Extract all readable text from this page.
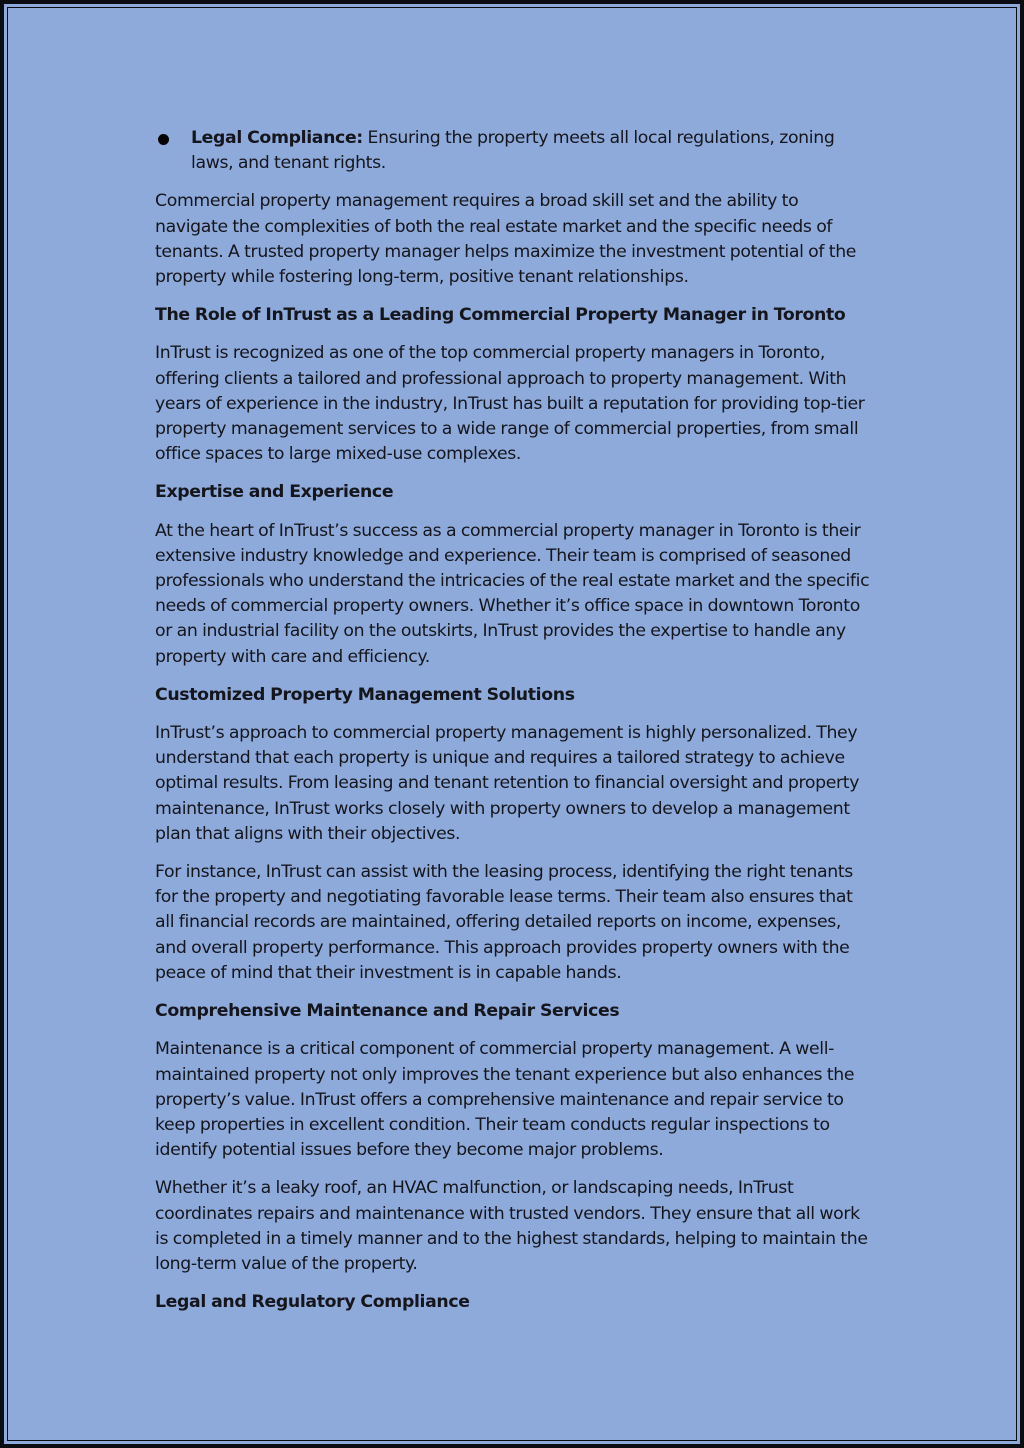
Legal Compliance: Ensuring the property meets all local regulations, zoning laws, and tenant rights.

Commercial property management requires a broad skill set and the ability to navigate the complexities of both the real estate market and the specific needs of tenants. A trusted property manager helps maximize the investment potential of the property while fostering long-term, positive tenant relationships.

The Role of InTrust as a Leading Commercial Property Manager in Toronto

InTrust is recognized as one of the top commercial property managers in Toronto, offering clients a tailored and professional approach to property management. With years of experience in the industry, InTrust has built a reputation for providing top-tier property management services to a wide range of commercial properties, from small office spaces to large mixed-use complexes.

Expertise and Experience

At the heart of InTrust’s success as a commercial property manager in Toronto is their extensive industry knowledge and experience. Their team is comprised of seasoned professionals who understand the intricacies of the real estate market and the specific needs of commercial property owners. Whether it’s office space in downtown Toronto or an industrial facility on the outskirts, InTrust provides the expertise to handle any property with care and efficiency.

Customized Property Management Solutions

InTrust’s approach to commercial property management is highly personalized. They understand that each property is unique and requires a tailored strategy to achieve optimal results. From leasing and tenant retention to financial oversight and property maintenance, InTrust works closely with property owners to develop a management plan that aligns with their objectives.

For instance, InTrust can assist with the leasing process, identifying the right tenants for the property and negotiating favorable lease terms. Their team also ensures that all financial records are maintained, offering detailed reports on income, expenses, and overall property performance. This approach provides property owners with the peace of mind that their investment is in capable hands.

Comprehensive Maintenance and Repair Services

Maintenance is a critical component of commercial property management. A well-maintained property not only improves the tenant experience but also enhances the property’s value. InTrust offers a comprehensive maintenance and repair service to keep properties in excellent condition. Their team conducts regular inspections to identify potential issues before they become major problems.

Whether it’s a leaky roof, an HVAC malfunction, or landscaping needs, InTrust coordinates repairs and maintenance with trusted vendors. They ensure that all work is completed in a timely manner and to the highest standards, helping to maintain the long-term value of the property.

Legal and Regulatory Compliance
